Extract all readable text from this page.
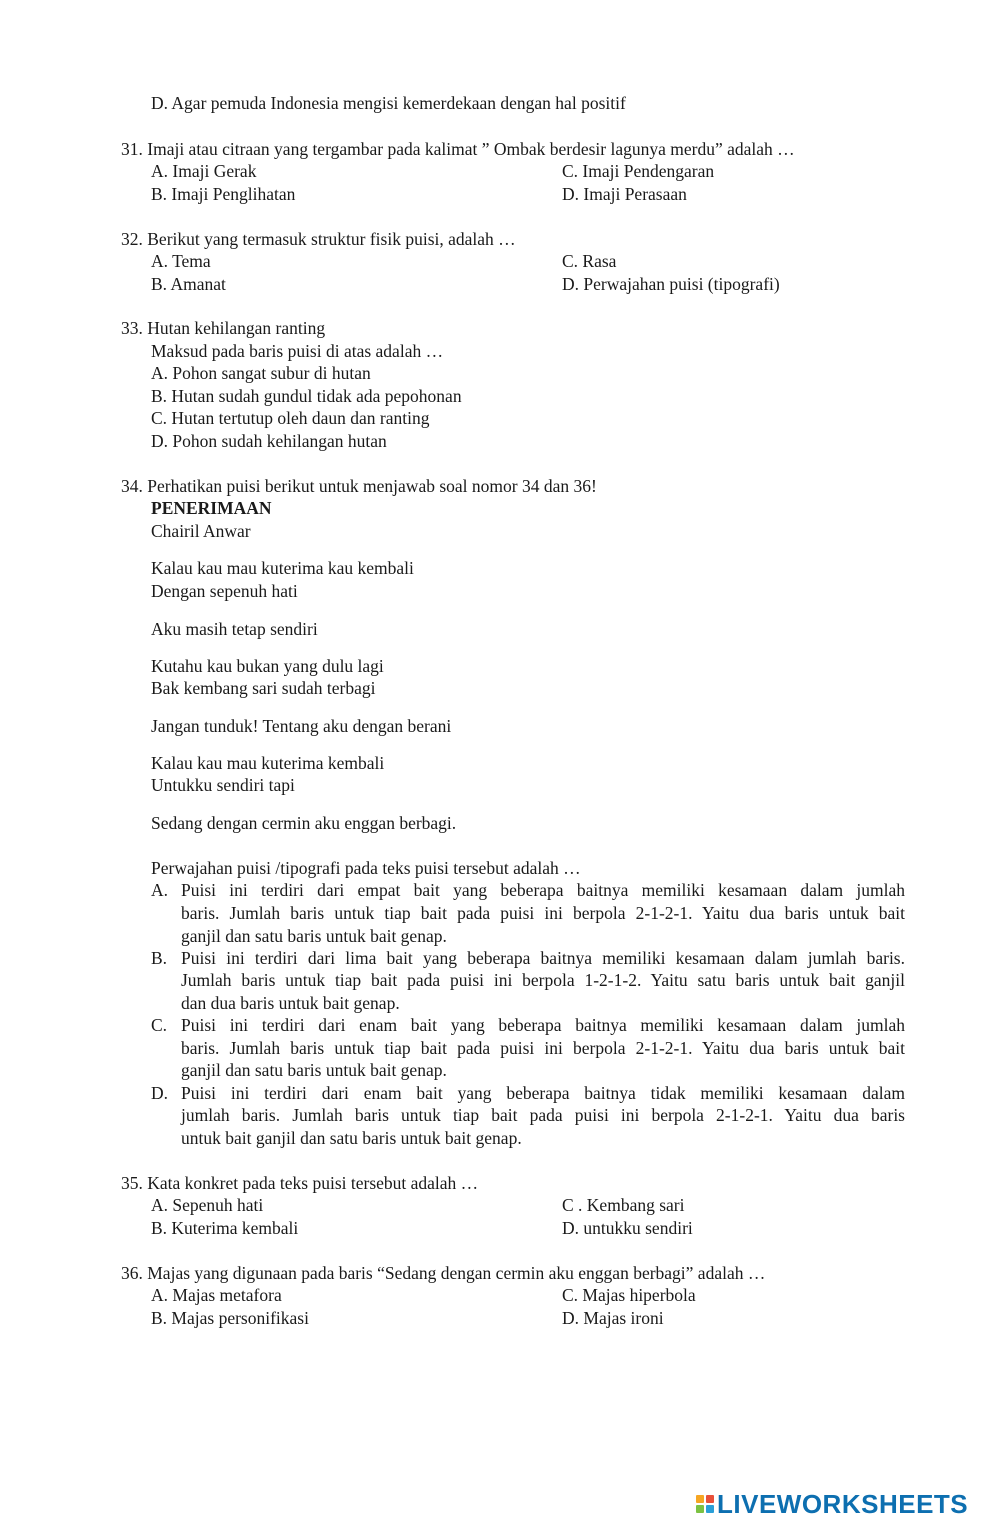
D. Agar pemuda Indonesia mengisi kemerdekaan dengan hal positif
31. Imaji atau citraan yang tergambar pada kalimat ” Ombak berdesir lagunya merdu” adalah …
A. Imaji Gerak	C. Imaji Pendengaran
B. Imaji Penglihatan	D. Imaji Perasaan
32. Berikut yang termasuk struktur fisik puisi, adalah …
A. Tema	C. Rasa
B. Amanat	D. Perwajahan puisi (tipografi)
33. Hutan kehilangan ranting
Maksud pada baris puisi di atas adalah …
A. Pohon sangat subur di hutan
B. Hutan sudah gundul tidak ada pepohonan
C. Hutan tertutup oleh daun dan ranting
D. Pohon sudah kehilangan hutan
34. Perhatikan puisi berikut untuk menjawab soal nomor 34 dan 36!
PENERIMAAN
Chairil Anwar
Kalau kau mau kuterima kau kembali
Dengan sepenuh hati
Aku masih tetap sendiri
Kutahu kau bukan yang dulu lagi
Bak kembang sari sudah terbagi
Jangan tunduk! Tentang aku dengan berani
Kalau kau mau kuterima kembali
Untukku sendiri tapi
Sedang dengan cermin aku enggan berbagi.
Perwajahan puisi /tipografi pada teks puisi tersebut adalah …
A. Puisi ini terdiri dari empat bait yang beberapa baitnya memiliki kesamaan dalam jumlah
baris. Jumlah baris untuk tiap bait pada puisi ini berpola 2-1-2-1. Yaitu dua baris untuk bait
ganjil dan satu baris untuk bait genap.
B. Puisi ini terdiri dari lima bait yang beberapa baitnya memiliki kesamaan dalam jumlah baris.
Jumlah baris untuk tiap bait pada puisi ini berpola 1-2-1-2. Yaitu satu baris untuk bait ganjil
dan dua baris untuk bait genap.
C. Puisi ini terdiri dari enam bait yang beberapa baitnya memiliki kesamaan dalam jumlah
baris. Jumlah baris untuk tiap bait pada puisi ini berpola 2-1-2-1. Yaitu dua baris untuk bait
ganjil dan satu baris untuk bait genap.
D. Puisi ini terdiri dari enam bait yang beberapa baitnya tidak memiliki kesamaan dalam
jumlah baris. Jumlah baris untuk tiap bait pada puisi ini berpola 2-1-2-1. Yaitu dua baris
untuk bait ganjil dan satu baris untuk bait genap.
35. Kata konkret pada teks puisi tersebut adalah …
A. Sepenuh hati	C . Kembang sari
B. Kuterima kembali	D. untukku sendiri
36. Majas yang digunaan pada baris “Sedang dengan cermin aku enggan berbagi” adalah …
A. Majas metafora	C. Majas hiperbola
B. Majas personifikasi	D. Majas ironi
LIVEWORKSHEETS
